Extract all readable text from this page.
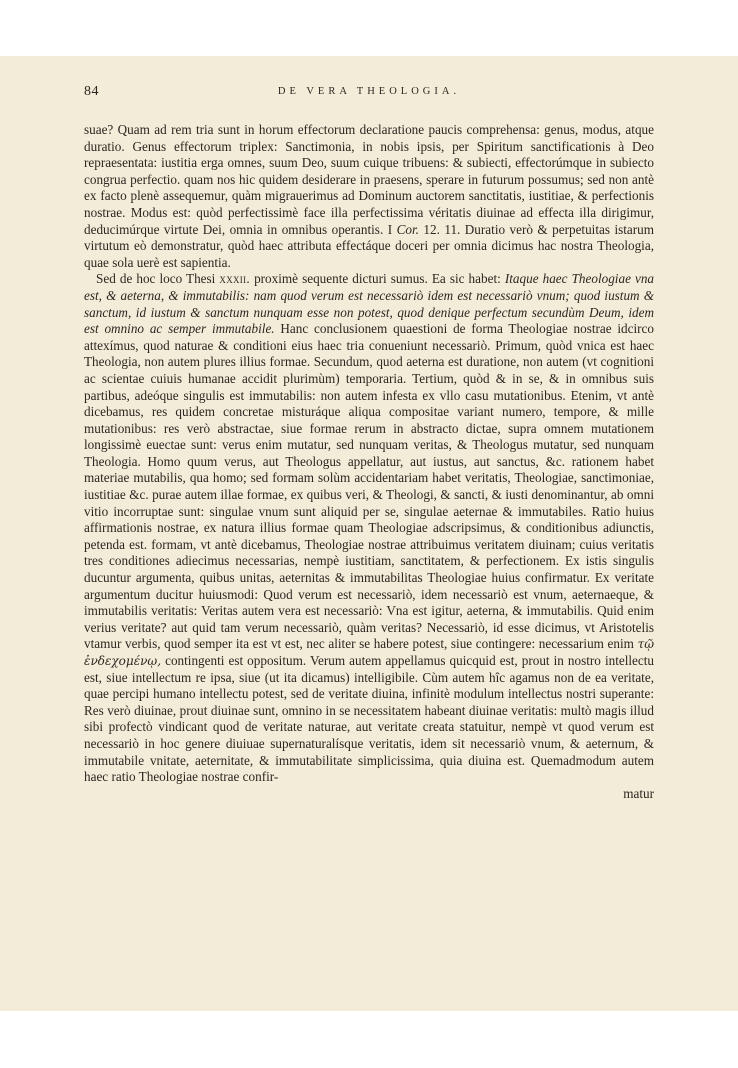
84	DE VERA THEOLOGIA.

suae? Quam ad rem tria sunt in horum effectorum declaratione paucis comprehensa: genus, modus, atque duratio. Genus effectorum triplex: Sanctimonia, in nobis ipsis, per Spiritum sanctificationis à Deo repraesentata: iustitia erga omnes, suum Deo, suum cuique tribuens: & subiecti, effectorúmque in subiecto congrua perfectio. quam nos hic quidem desiderare in praesens, sperare in futurum possumus; sed non antè ex facto plenè assequemur, quàm migrauerimus ad Dominum auctorem sanctitatis, iustitiae, & perfectionis nostrae. Modus est: quòd perfectissimè face illa perfectissima véritatis diuinae ad effecta illa dirigimur, deducimúrque virtute Dei, omnia in omnibus operantis. I Cor. 12. 11. Duratio verò & perpetuitas istarum virtutum eò demonstratur, quòd haec attributa effectáque doceri per omnia dicimus hac nostra Theologia, quae sola uerè est sapientia.

Sed de hoc loco Thesi xxxii. proximè sequente dicturi sumus. Ea sic habet: Itaque haec Theologiae vna est, & aeterna, & immutabilis: nam quod verum est necessariò idem est necessariò vnum; quod iustum & sanctum, id iustum & sanctum nunquam esse non potest, quod denique perfectum secundùm Deum, idem est omnino ac semper immutabile. Hanc conclusionem quaestioni de forma Theologiae nostrae idcirco attexímus, quod naturae & conditioni eius haec tria conueniunt necessariò. Primum, quòd vnica est haec Theologia, non autem plures illius formae. Secundum, quod aeterna est duratione, non autem (vt cognitioni ac scientae cuiuis humanae accidit plurimùm) temporaria. Tertium, quòd & in se, & in omnibus suis partibus, adeóque singulis est immutabilis: non autem infesta ex vllo casu mutationibus. Etenim, vt antè dicebamus, res quidem concretae misturáque aliqua compositae variant numero, tempore, & mille mutationibus: res verò abstractae, siue formae rerum in abstracto dictae, supra omnem mutationem longissimè euectae sunt: verus enim mutatur, sed nunquam veritas, & Theologus mutatur, sed nunquam Theologia. Homo quum verus, aut Theologus appellatur, aut iustus, aut sanctus, &c. rationem habet materiae mutabilis, qua homo; sed formam solùm accidentariam habet veritatis, Theologiae, sanctimoniae, iustitiae &c. purae autem illae formae, ex quibus veri, & Theologi, & sancti, & iusti denominantur, ab omni vitio incorruptae sunt: singulae vnum sunt aliquid per se, singulae aeternae & immutabiles. Ratio huius affirmationis nostrae, ex natura illius formae quam Theologiae adscripsimus, & conditionibus adiunctis, petenda est. formam, vt antè dicebamus, Theologiae nostrae attribuimus veritatem diuinam; cuius veritatis tres conditiones adiecimus necessarias, nempè iustitiam, sanctitatem, & perfectionem. Ex istis singulis ducuntur argumenta, quibus unitas, aeternitas & immutabilitas Theologiae huius confirmatur. Ex veritate argumentum ducitur huiusmodi: Quod verum est necessariò, idem necessariò est vnum, aeternaeque, & immutabilis veritatis: Veritas autem vera est necessariò: Vna est igitur, aeterna, & immutabilis. Quid enim verius veritate? aut quid tam verum necessariò, quàm veritas? Necessariò, id esse dicimus, vt Aristotelis vtamur verbis, quod semper ita est vt est, nec aliter se habere potest, siue contingere: necessarium enim τῷ ἐνδεχομένῳ, contingenti est oppositum. Verum autem appellamus quicquid est, prout in nostro intellectu est, siue intellectum re ipsa, siue (ut ita dicamus) intelligibile. Cùm autem hîc agamus non de ea veritate, quae percipi humano intellectu potest, sed de veritate diuina, infinitè modulum intellectus nostri superante: Res verò diuinae, prout diuinae sunt, omnino in se necessitatem habeant diuinae veritatis: multò magis illud sibi profectò vindicant quod de veritate naturae, aut veritate creata statuitur, nempè vt quod verum est necessariò in hoc genere diuiuae supernaturalísque veritatis, idem sit necessariò vnum, & aeternum, & immutabile vnitate, aeternitate, & immutabilitate simplicissima, quia diuina est. Quemadmodum autem haec ratio Theologiae nostrae confir-
matur
